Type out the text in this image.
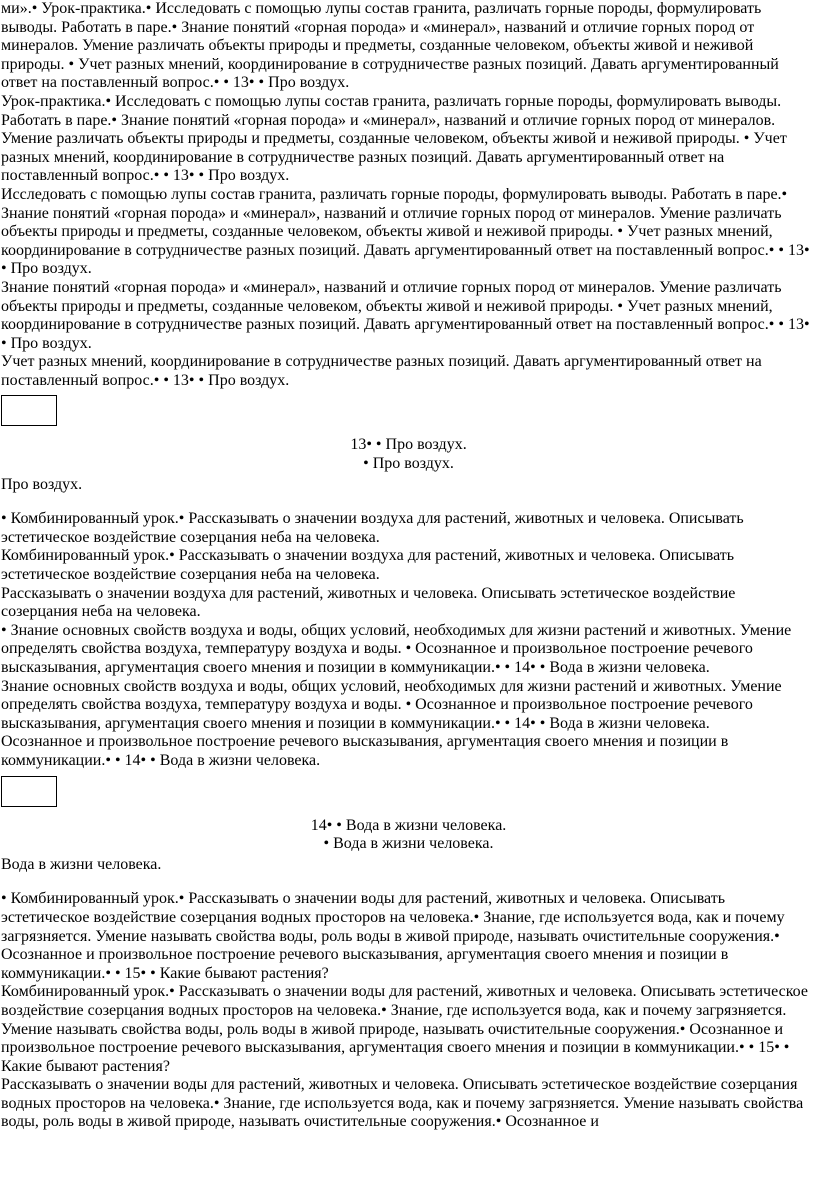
ми».• Урок-практика.• Исследовать с помощью лупы состав гранита, различать горные породы, формулировать выводы. Работать в паре.• Знание понятий «горная порода» и «минерал», названий и отличие горных пород от минералов. Умение различать объекты природы и предметы, созданные человеком, объекты живой и неживой природы. • Учет разных мнений, координирование в сотрудничестве разных позиций. Давать аргументированный ответ на поставленный вопрос.• • 13• • Про воздух.

Урок-практика.• Исследовать с помощью лупы состав гранита, различать горные породы, формулировать выводы. Работать в паре.• Знание понятий «горная порода» и «минерал», названий и отличие горных пород от минералов. Умение различать объекты природы и предметы, созданные человеком, объекты живой и неживой природы. • Учет разных мнений, координирование в сотрудничестве разных позиций. Давать аргументированный ответ на поставленный вопрос.• • 13• • Про воздух.

Исследовать с помощью лупы состав гранита, различать горные породы, формулировать выводы. Работать в паре.• Знание понятий «горная порода» и «минерал», названий и отличие горных пород от минералов. Умение различать объекты природы и предметы, созданные человеком, объекты живой и неживой природы. • Учет разных мнений, координирование в сотрудничестве разных позиций. Давать аргументированный ответ на поставленный вопрос.• • 13• • Про воздух.

Знание понятий «горная порода» и «минерал», названий и отличие горных пород от минералов. Умение различать объекты природы и предметы, созданные человеком, объекты живой и неживой природы. • Учет разных мнений, координирование в сотрудничестве разных позиций. Давать аргументированный ответ на поставленный вопрос.• • 13• • Про воздух.

Учет разных мнений, координирование в сотрудничестве разных позиций. Давать аргументированный ответ на поставленный вопрос.• • 13• • Про воздух.

13• • Про воздух.

• Про воздух.

Про воздух.

• Комбинированный урок.• Рассказывать о значении воздуха для растений, животных и человека. Описывать эстетическое воздействие созерцания неба на человека.

Комбинированный урок.• Рассказывать о значении воздуха для растений, животных и человека. Описывать эстетическое воздействие созерцания неба на человека.

Рассказывать о значении воздуха для растений, животных и человека. Описывать эстетическое воздействие созерцания неба на человека.

• Знание основных свойств воздуха и воды, общих условий, необходимых для жизни растений и животных. Умение определять свойства воздуха, температуру воздуха и воды. • Осознанное и произвольное построение речевого высказывания, аргументация своего мнения и позиции в коммуникации.• • 14• • Вода в жизни человека.

Знание основных свойств воздуха и воды, общих условий, необходимых для жизни растений и животных. Умение определять свойства воздуха, температуру воздуха и воды. • Осознанное и произвольное построение речевого высказывания, аргументация своего мнения и позиции в коммуникации.• • 14• • Вода в жизни человека.

Осознанное и произвольное построение речевого высказывания, аргументация своего мнения и позиции в коммуникации.• • 14• • Вода в жизни человека.

14• • Вода в жизни человека.

• Вода в жизни человека.

Вода в жизни человека.

• Комбинированный урок.• Рассказывать о значении воды для растений, животных и человека. Описывать эстетическое воздействие созерцания водных просторов на человека.• Знание, где используется вода, как и почему загрязняется. Умение называть свойства воды, роль воды в живой природе, называть очистительные сооружения.• Осознанное и произвольное построение речевого высказывания, аргументация своего мнения и позиции в коммуникации.• • 15• • Какие бывают растения?

Комбинированный урок.• Рассказывать о значении воды для растений, животных и человека. Описывать эстетическое воздействие созерцания водных просторов на человека.• Знание, где используется вода, как и почему загрязняется. Умение называть свойства воды, роль воды в живой природе, называть очистительные сооружения.• Осознанное и произвольное построение речевого высказывания, аргументация своего мнения и позиции в коммуникации.• • 15• • Какие бывают растения?

Рассказывать о значении воды для растений, животных и человека. Описывать эстетическое воздействие созерцания водных просторов на человека.• Знание, где используется вода, как и почему загрязняется. Умение называть свойства воды, роль воды в живой природе, называть очистительные сооружения.• Осознанное и
